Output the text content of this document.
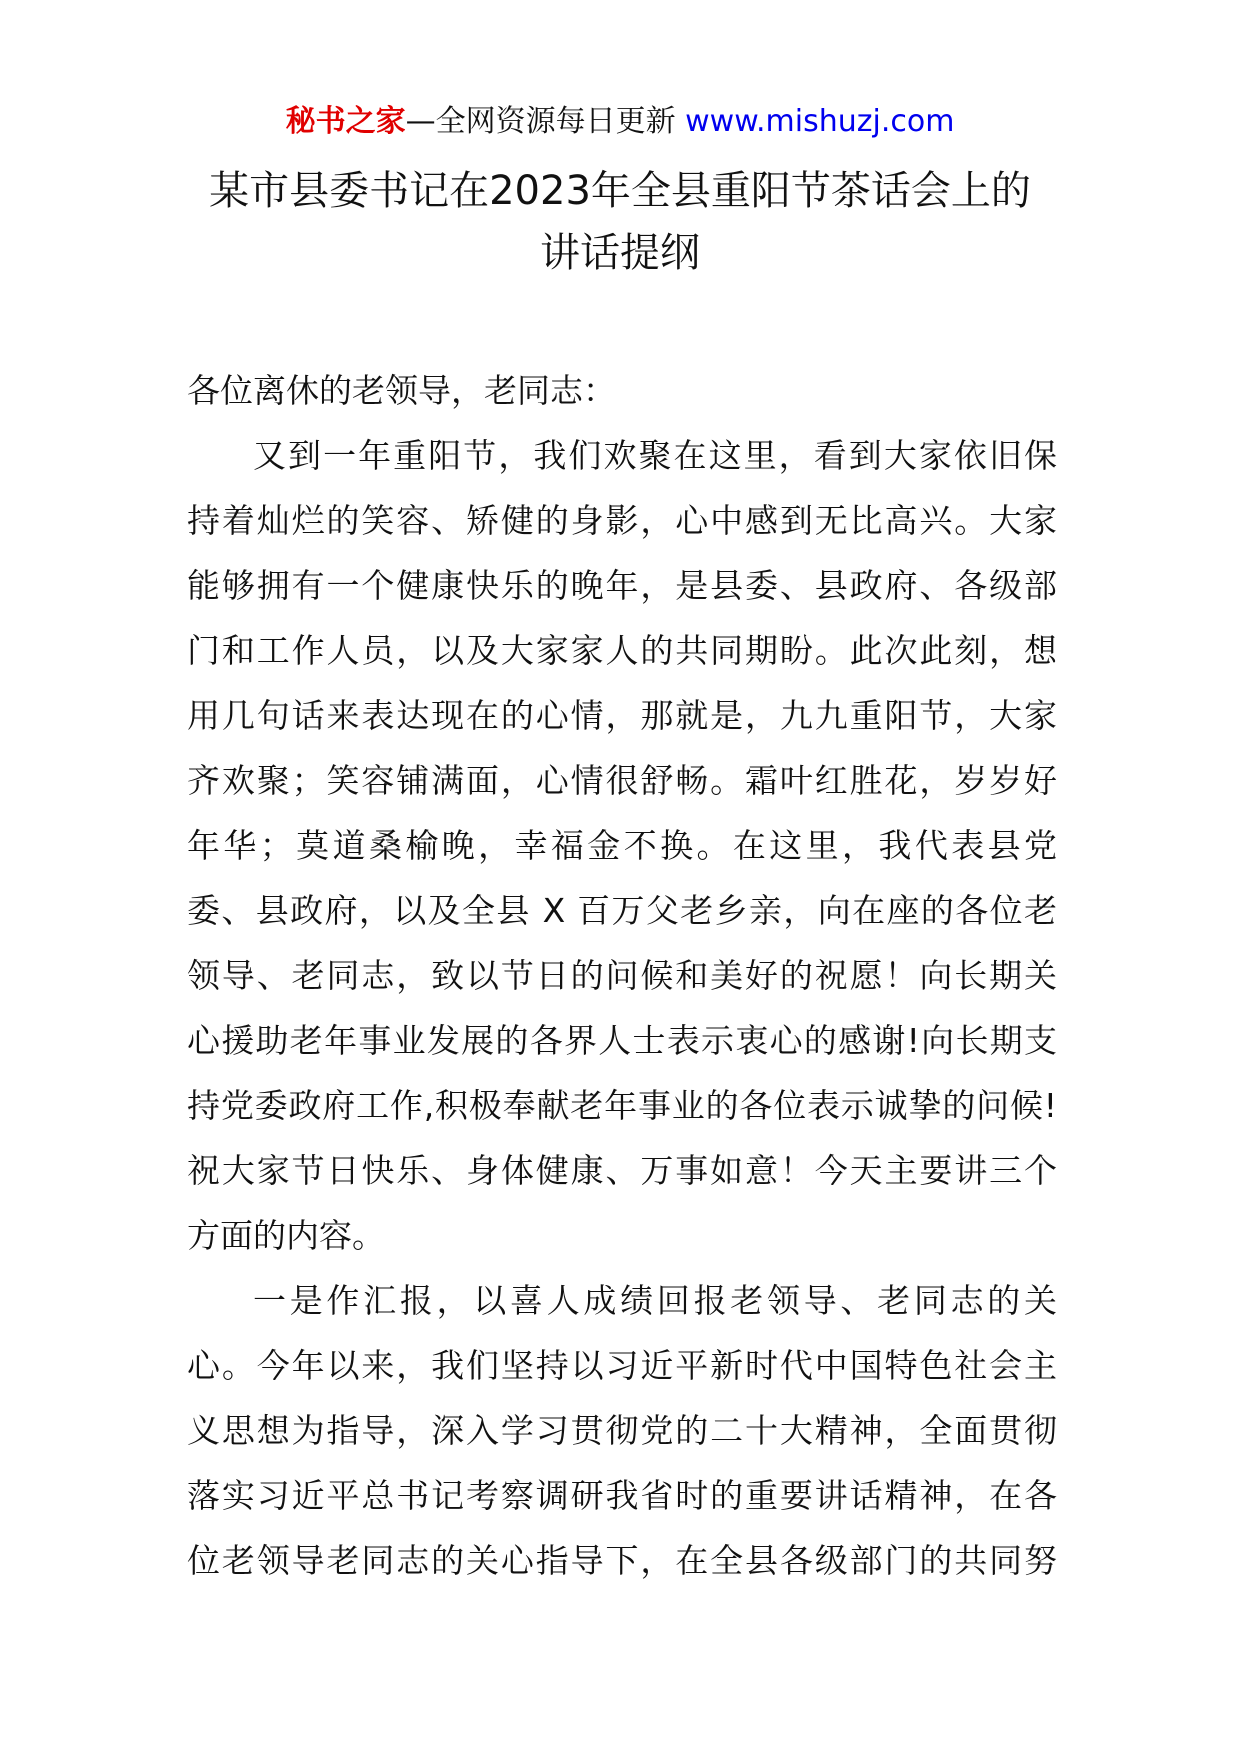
秘书之家—全网资源每日更新 www.mishuzj.com
某市县委书记在2023年全县重阳节茶话会上的
讲话提纲
各位离休的老领导，老同志：
又到一年重阳节，我们欢聚在这里，看到大家依旧保
持着灿烂的笑容、矫健的身影，心中感到无比高兴。大家
能够拥有一个健康快乐的晚年，是县委、县政府、各级部
门和工作人员，以及大家家人的共同期盼。此次此刻，想
用几句话来表达现在的心情，那就是，九九重阳节，大家
齐欢聚；笑容铺满面，心情很舒畅。霜叶红胜花，岁岁好
年华；莫道桑榆晚，幸福金不换。在这里，我代表县党
委、县政府，以及全县 X 百万父老乡亲，向在座的各位老
领导、老同志，致以节日的问候和美好的祝愿！向长期关
心援助老年事业发展的各界人士表示衷心的感谢!向长期支
持党委政府工作,积极奉献老年事业的各位表示诚挚的问候!
祝大家节日快乐、身体健康、万事如意！今天主要讲三个
方面的内容。
一是作汇报，以喜人成绩回报老领导、老同志的关
心。今年以来，我们坚持以习近平新时代中国特色社会主
义思想为指导，深入学习贯彻党的二十大精神，全面贯彻
落实习近平总书记考察调研我省时的重要讲话精神，在各
位老领导老同志的关心指导下，在全县各级部门的共同努
